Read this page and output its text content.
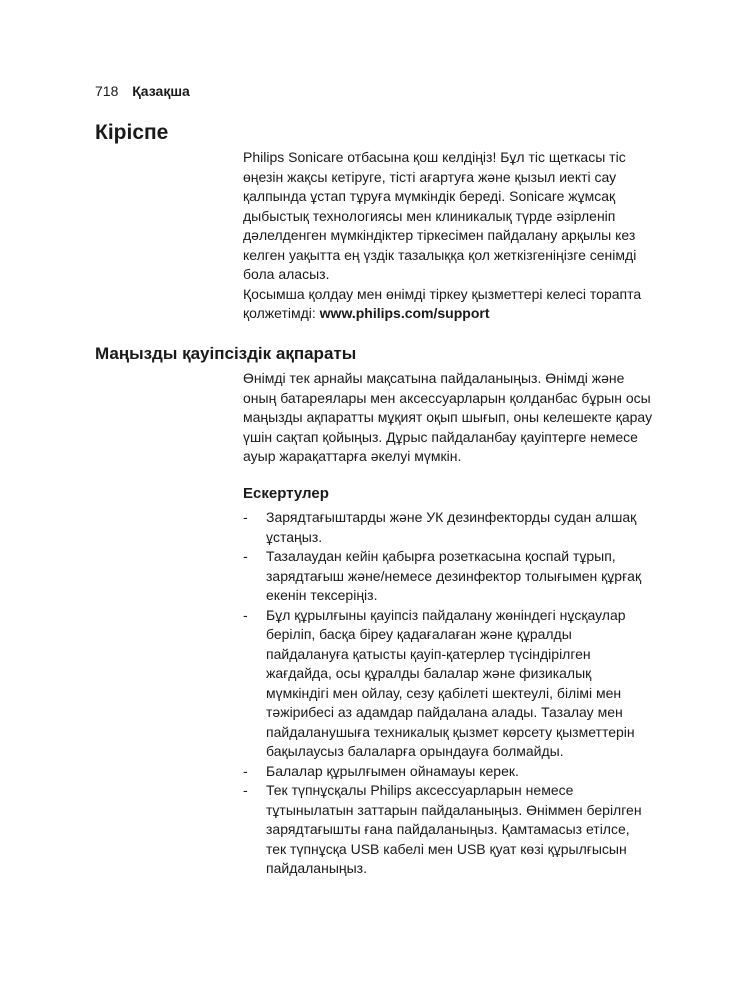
718 Қазақша
Кіріспе

Philips Sonicare отбасына қош келдіңіз! Бұл тіс щеткасы тіс өңезін жақсы кетіруге, тісті ағартуға және қызыл иекті сау қалпында ұстап тұруға мүмкіндік береді. Sonicare жұмсақ дыбыстық технологиясы мен клиникалық түрде әзірленіп дәлелденген мүмкіндіктер тіркесімен пайдалану арқылы кез келген уақытта ең үздік тазалыққа қол жеткізгеніңізге сенімді бола аласыз.

Қосымша қолдау мен өнімді тіркеу қызметтері келесі торапта қолжетімді: www.philips.com/support

Маңызды қауіпсіздік ақпараты

Өнімді тек арнайы мақсатына пайдаланыңыз. Өнімді және оның батареялары мен аксессуарларын қолданбас бұрын осы маңызды ақпаратты мұқият оқып шығып, оны келешекте қарау үшін сақтап қойыңыз. Дұрыс пайдаланбау қауіптерге немесе ауыр жарақаттарға әкелуі мүмкін.

Ескертулер
- Зарядтағыштарды және УК дезинфекторды судан алшақ ұстаңыз.
- Тазалаудан кейін қабырға розеткасына қоспай тұрып, зарядтағыш және/немесе дезинфектор толығымен құрғақ екенін тексеріңіз.
- Бұл құрылғыны қауіпсіз пайдалану жөніндегі нұсқаулар беріліп, басқа біреу қадағалаған және құралды пайдалануға қатысты қауіп-қатерлер түсіндірілген жағдайда, осы құралды балалар және физикалық мүмкіндігі мен ойлау, сезу қабілеті шектеулі, білімі мен тәжірибесі аз адамдар пайдалана алады. Тазалау мен пайдаланушыға техникалық қызмет көрсету қызметтерін бақылаусыз балаларға орындауға болмайды.
- Балалар құрылғымен ойнамауы керек.
- Тек түпнұсқалы Philips аксессуарларын немесе тұтынылатын заттарын пайдаланыңыз. Өніммен берілген зарядтағышты ғана пайдаланыңыз. Қамтамасыз етілсе, тек түпнұсқа USB кабелі мен USB қуат көзі құрылғысын пайдаланыңыз.
